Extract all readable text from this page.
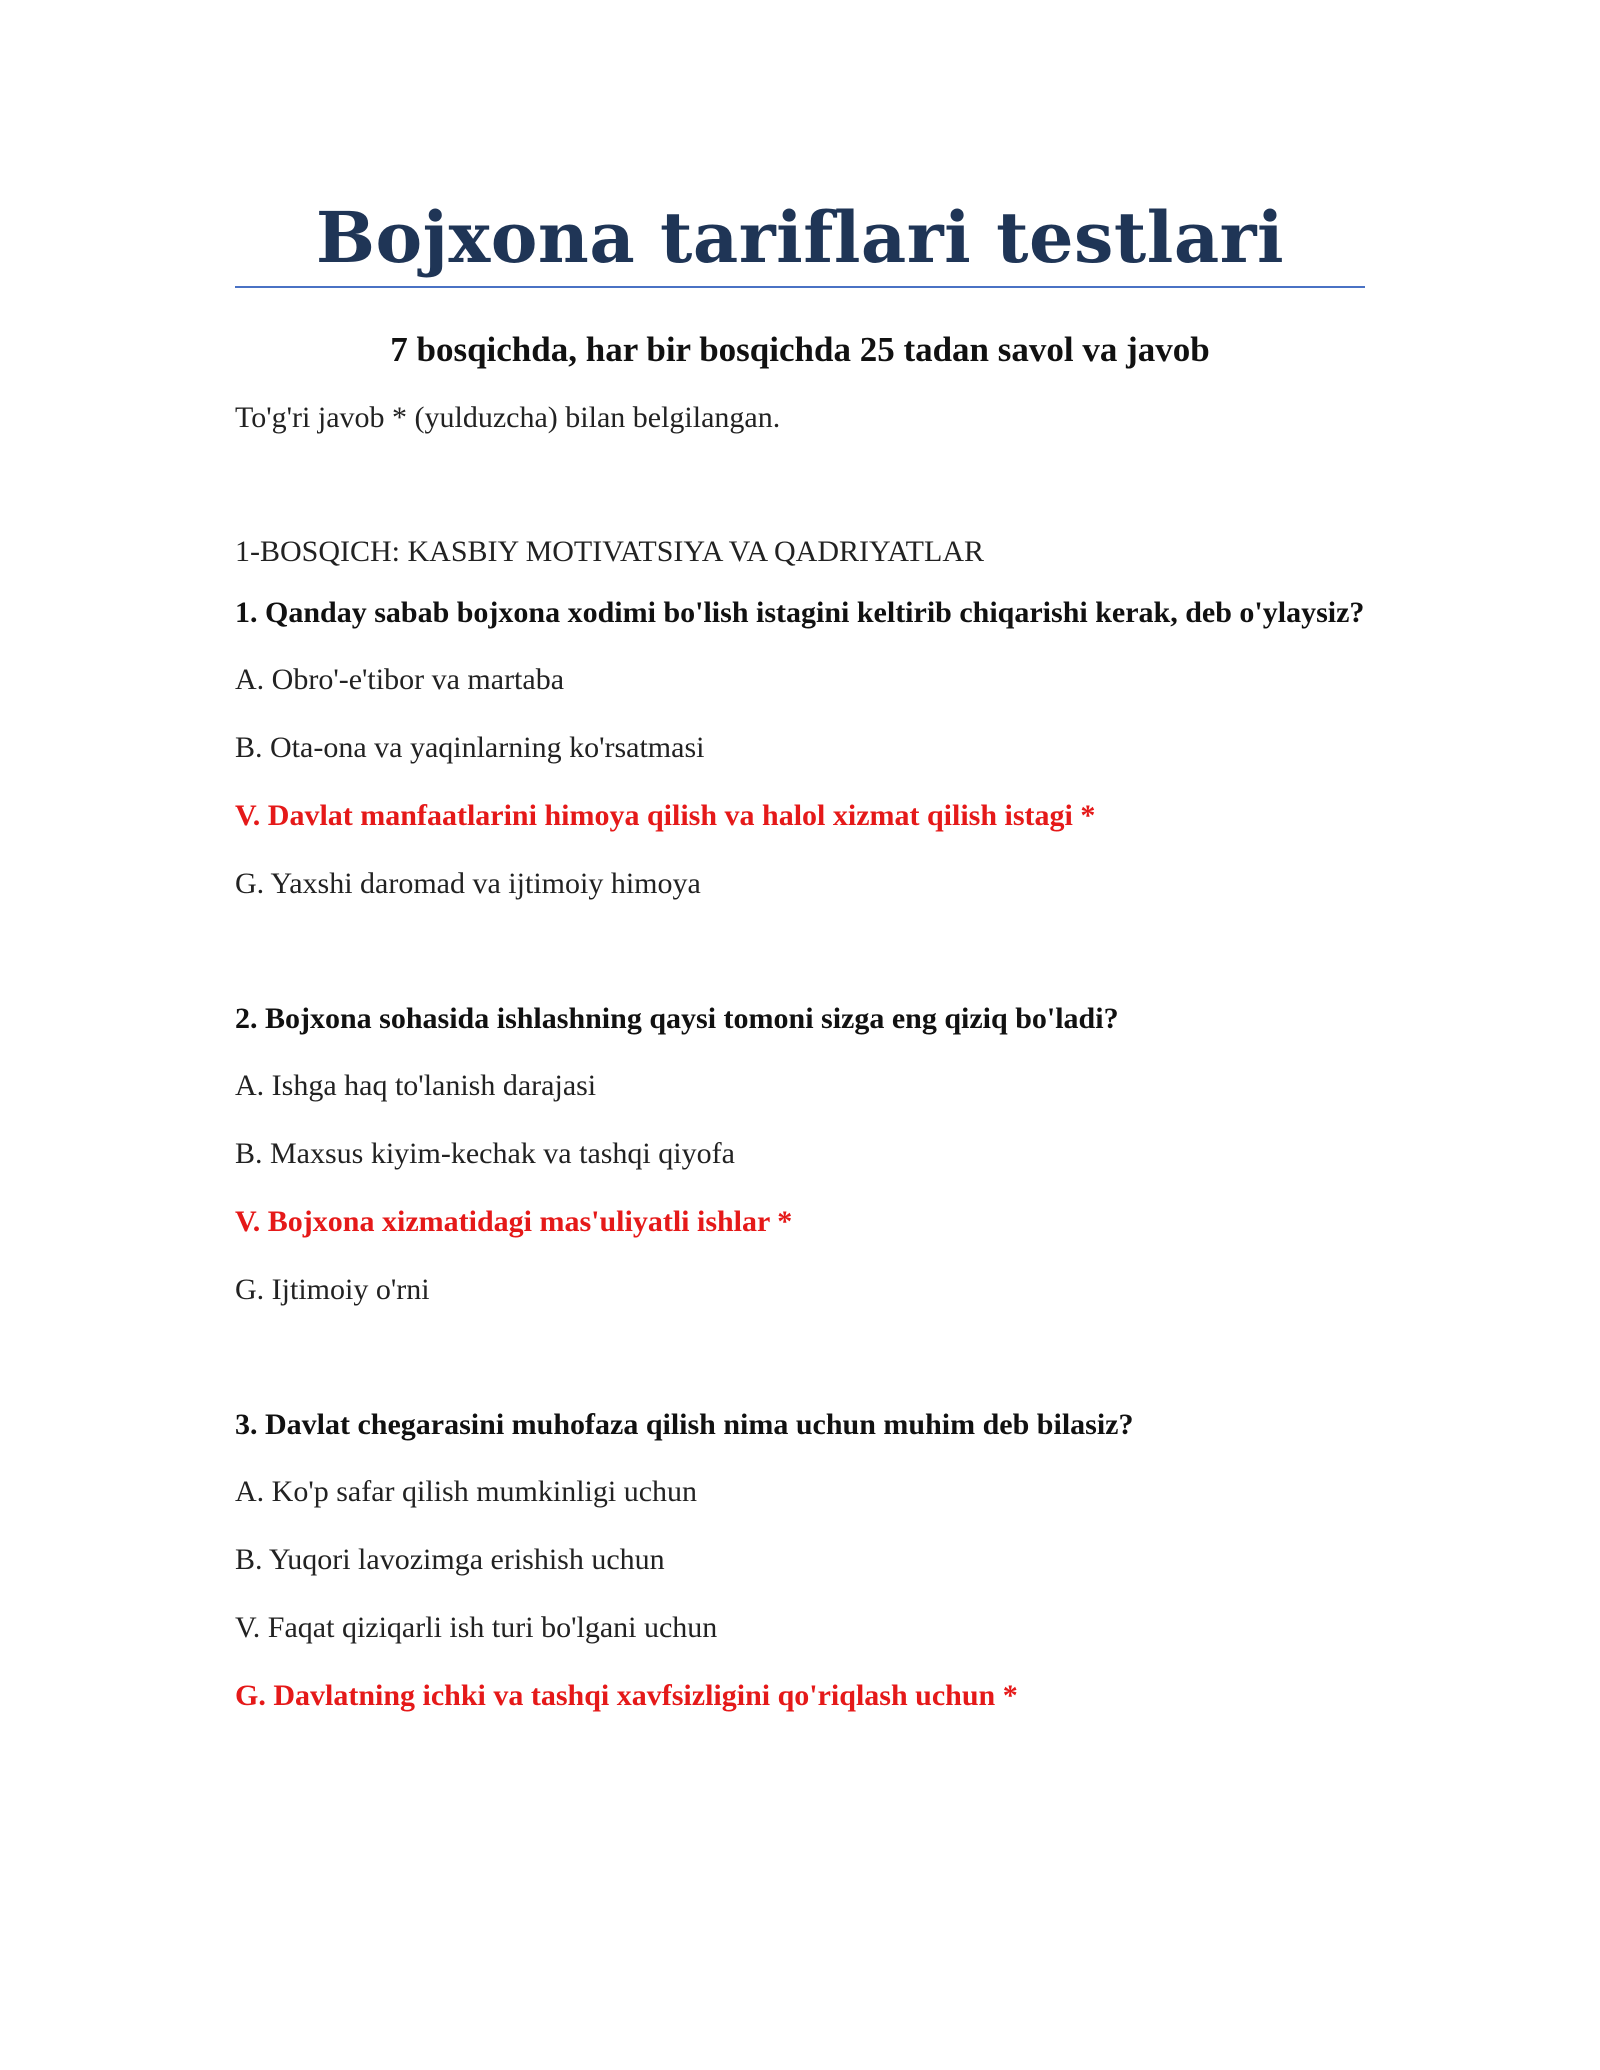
Bojxona tariflari testlari
7 bosqichda, har bir bosqichda 25 tadan savol va javob

To'g'ri javob * (yulduzcha) bilan belgilangan.

1-BOSQICH: KASBIY MOTIVATSIYA VA QADRIYATLAR

1. Qanday sabab bojxona xodimi bo'lish istagini keltirib chiqarishi kerak, deb o'ylaysiz?

A. Obro'-e'tibor va martaba

B. Ota-ona va yaqinlarning ko'rsatmasi

V. Davlat manfaatlarini himoya qilish va halol xizmat qilish istagi *

G. Yaxshi daromad va ijtimoiy himoya

2. Bojxona sohasida ishlashning qaysi tomoni sizga eng qiziq bo'ladi?

A. Ishga haq to'lanish darajasi

B. Maxsus kiyim-kechak va tashqi qiyofa

V. Bojxona xizmatidagi mas'uliyatli ishlar *

G. Ijtimoiy o'rni

3. Davlat chegarasini muhofaza qilish nima uchun muhim deb bilasiz?

A. Ko'p safar qilish mumkinligi uchun

B. Yuqori lavozimga erishish uchun

V. Faqat qiziqarli ish turi bo'lgani uchun

G. Davlatning ichki va tashqi xavfsizligini qo'riqlash uchun *
